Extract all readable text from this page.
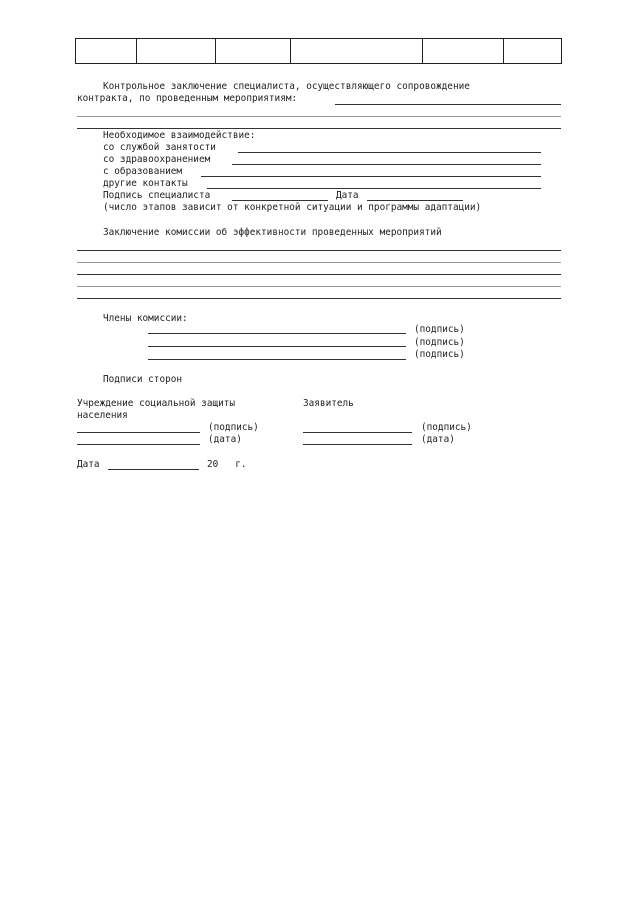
Контрольное заключение специалиста, осуществляющего сопровождение
контракта, по проведенным мероприятиям:
Необходимое взаимодействие:
со службой занятости
со здравоохранением
с образованием
другие контакты
Подпись специалиста	Дата
(число этапов зависит от конкретной ситуации и программы адаптации)
Заключение комиссии об эффективности проведенных мероприятий
Члены комиссии:
(подпись)
(подпись)
(подпись)
Подписи сторон
Учреждение социальной защиты
населения
(подпись)
(дата)
Заявитель
(подпись)
(дата)
Дата	20   г.
